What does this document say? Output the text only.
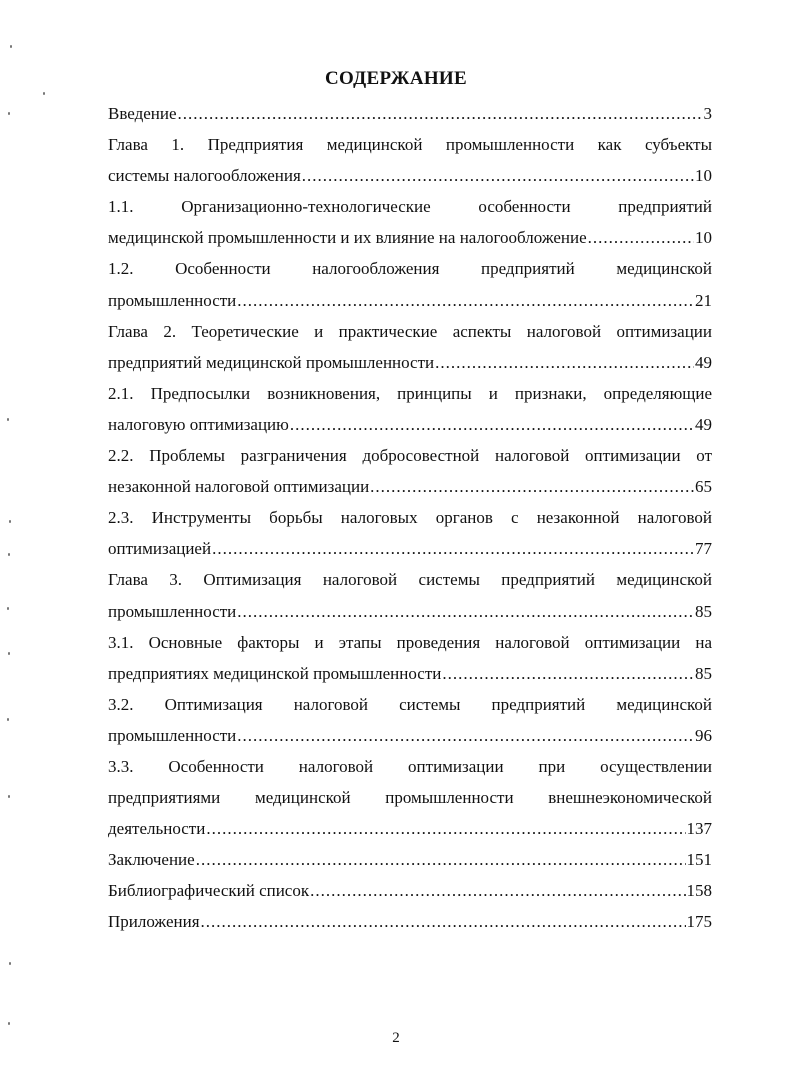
СОДЕРЖАНИЕ
Введение .....	3
Глава 1. Предприятия медицинской промышленности как субъекты
системы налогообложения .....	10
1.1. Организационно-технологические особенности предприятий
медицинской промышленности и их влияние на налогообложение .....	10
1.2. Особенности налогообложения предприятий медицинской
промышленности .....	21
Глава 2. Теоретические и практические аспекты налоговой оптимизации
предприятий медицинской промышленности .....	49
2.1. Предпосылки возникновения, принципы и признаки, определяющие
налоговую оптимизацию .....	49
2.2. Проблемы разграничения добросовестной налоговой оптимизации от
незаконной налоговой оптимизации .....	65
2.3. Инструменты борьбы налоговых органов с незаконной налоговой
оптимизацией .....	77
Глава 3. Оптимизация налоговой системы предприятий медицинской
промышленности .....	85
3.1. Основные факторы и этапы проведения налоговой оптимизации на
предприятиях медицинской промышленности .....	85
3.2. Оптимизация налоговой системы предприятий медицинской
промышленности .....	96
3.3. Особенности налоговой оптимизации при осуществлении
предприятиями медицинской промышленности внешнеэкономической
деятельности .....	137
Заключение .....	151
Библиографический список .....	158
Приложения .....	175
2
